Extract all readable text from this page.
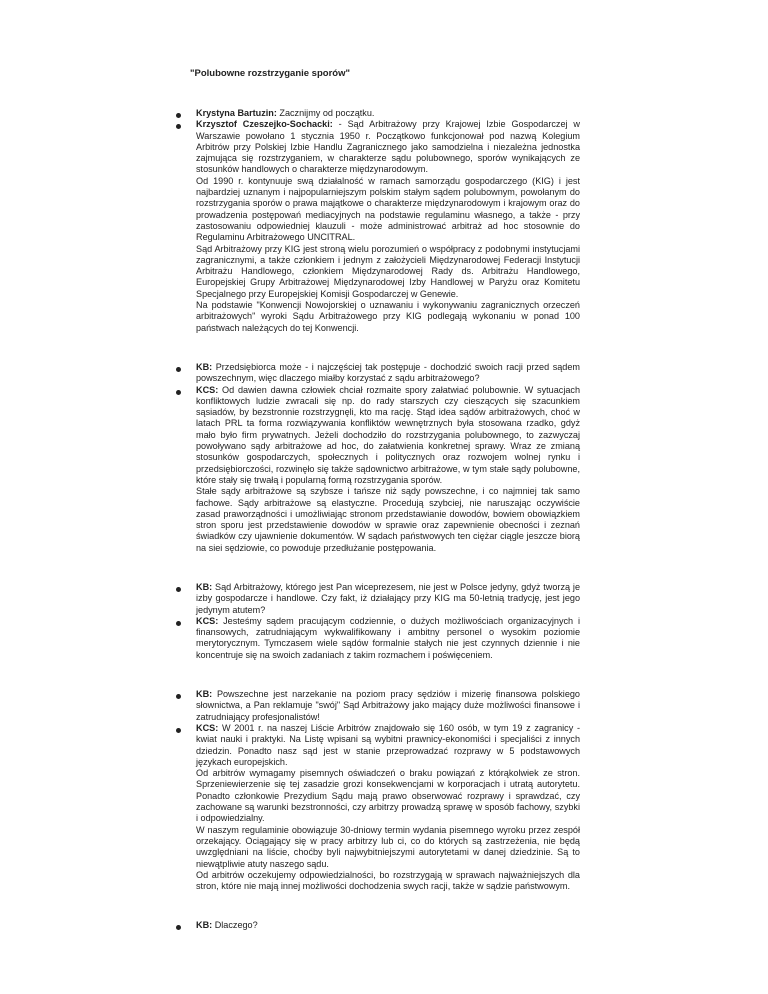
"Polubowne rozstrzyganie sporów"

Krystyna Bartuzin: Zacznijmy od początku.

Krzysztof Czeszejko-Sochacki: - Sąd Arbitrażowy przy Krajowej Izbie Gospodarczej w Warszawie powołano 1 stycznia 1950 r. Początkowo funkcjonował pod nazwą Kolegium Arbitrów przy Polskiej Izbie Handlu Zagranicznego jako samodzielna i niezależna jednostka zajmująca się rozstrzyganiem, w charakterze sądu polubownego, sporów wynikających ze stosunków handlowych o charakterze międzynarodowym.

Od 1990 r. kontynuuje swą działalność w ramach samorządu gospodarczego (KIG) i jest najbardziej uznanym i najpopularniejszym polskim stałym sądem polubownym, powołanym do rozstrzygania sporów o prawa majątkowe o charakterze międzynarodowym i krajowym oraz do prowadzenia postępowań mediacyjnych na podstawie regulaminu własnego, a także - przy zastosowaniu odpowiedniej klauzuli - może administrować arbitraż ad hoc stosownie do Regulaminu Arbitrażowego UNCITRAL.

Sąd Arbitrażowy przy KIG jest stroną wielu porozumień o współpracy z podobnymi instytucjami zagranicznymi, a także członkiem i jednym z założycieli Międzynarodowej Federacji Instytucji Arbitrażu Handlowego, członkiem Międzynarodowej Rady ds. Arbitrażu Handlowego, Europejskiej Grupy Arbitrażowej Międzynarodowej Izby Handlowej w Paryżu oraz Komitetu Specjalnego przy Europejskiej Komisji Gospodarczej w Genewie.

Na podstawie "Konwencji Nowojorskiej o uznawaniu i wykonywaniu zagranicznych orzeczeń arbitrażowych" wyroki Sądu Arbitrażowego przy KIG podlegają wykonaniu w ponad 100 państwach należących do tej Konwencji.

KB: Przedsiębiorca może - i najczęściej tak postępuje - dochodzić swoich racji przed sądem powszechnym, więc dlaczego miałby korzystać z sądu arbitrażowego?

KCS: Od dawien dawna człowiek chciał rozmaite spory załatwiać polubownie. W sytuacjach konfliktowych ludzie zwracali się np. do rady starszych czy cieszących się szacunkiem sąsiadów, by bezstronnie rozstrzygnęli, kto ma rację. Stąd idea sądów arbitrażowych, choć w latach PRL ta forma rozwiązywania konfliktów wewnętrznych była stosowana rzadko, gdyż mało było firm prywatnych. Jeżeli dochodziło do rozstrzygania polubownego, to zazwyczaj powoływano sądy arbitrażowe ad hoc, do załatwienia konkretnej sprawy. Wraz ze zmianą stosunków gospodarczych, społecznych i politycznych oraz rozwojem wolnej rynku i przedsiębiorczości, rozwinęło się także sądownictwo arbitrażowe, w tym stałe sądy polubowne, które stały się trwałą i popularną formą rozstrzygania sporów.

Stałe sądy arbitrażowe są szybsze i tańsze niż sądy powszechne, i co najmniej tak samo fachowe. Sądy arbitrażowe są elastyczne. Procedują szybciej, nie naruszając oczywiście zasad praworządności i umożliwiając stronom przedstawianie dowodów, bowiem obowiązkiem stron sporu jest przedstawienie dowodów w sprawie oraz zapewnienie obecności i zeznań świadków czy ujawnienie dokumentów. W sądach państwowych ten ciężar ciągle jeszcze biorą na siei sędziowie, co powoduje przedłużanie postępowania.

KB: Sąd Arbitrażowy, którego jest Pan wiceprezesem, nie jest w Polsce jedyny, gdyż tworzą je izby gospodarcze i handlowe. Czy fakt, iż działający przy KIG ma 50-letnią tradycję, jest jego jedynym atutem?

KCS: Jesteśmy sądem pracującym codziennie, o dużych możliwościach organizacyjnych i finansowych, zatrudniającym wykwalifikowany i ambitny personel o wysokim poziomie merytorycznym. Tymczasem wiele sądów formalnie stałych nie jest czynnych dziennie i nie koncentruje się na swoich zadaniach z takim rozmachem i poświęceniem.

KB: Powszechne jest narzekanie na poziom pracy sędziów i mizerię finansowa polskiego słownictwa, a Pan reklamuje "swój" Sąd Arbitrażowy jako mający duże możliwości finansowe i zatrudniający profesjonalistów!

KCS: W 2001 r. na naszej Liście Arbitrów znajdowało się 160 osób, w tym 19 z zagranicy - kwiat nauki i praktyki. Na Listę wpisani są wybitni prawnicy-ekonomiści i specjaliści z innych dziedzin. Ponadto nasz sąd jest w stanie przeprowadzać rozprawy w 5 podstawowych językach europejskich.

Od arbitrów wymagamy pisemnych oświadczeń o braku powiązań z którąkolwiek ze stron. Sprzeniewierzenie się tej zasadzie grozi konsekwencjami w korporacjach i utratą autorytetu. Ponadto członkowie Prezydium Sądu mają prawo obserwować rozprawy i sprawdzać, czy zachowane są warunki bezstronności, czy arbitrzy prowadzą sprawę w sposób fachowy, szybki i odpowiedzialny.

W naszym regulaminie obowiązuje 30-dniowy termin wydania pisemnego wyroku przez zespół orzekający. Ociągający się w pracy arbitrzy lub ci, co do których są zastrzeżenia, nie będą uwzględniani na liście, choćby byli najwybitniejszymi autorytetami w danej dziedzinie. Są to niewątpliwie atuty naszego sądu.

Od arbitrów oczekujemy odpowiedzialności, bo rozstrzygają w sprawach najważniejszych dla stron, które nie mają innej możliwości dochodzenia swych racji, także w sądzie państwowym.

KB: Dlaczego?
